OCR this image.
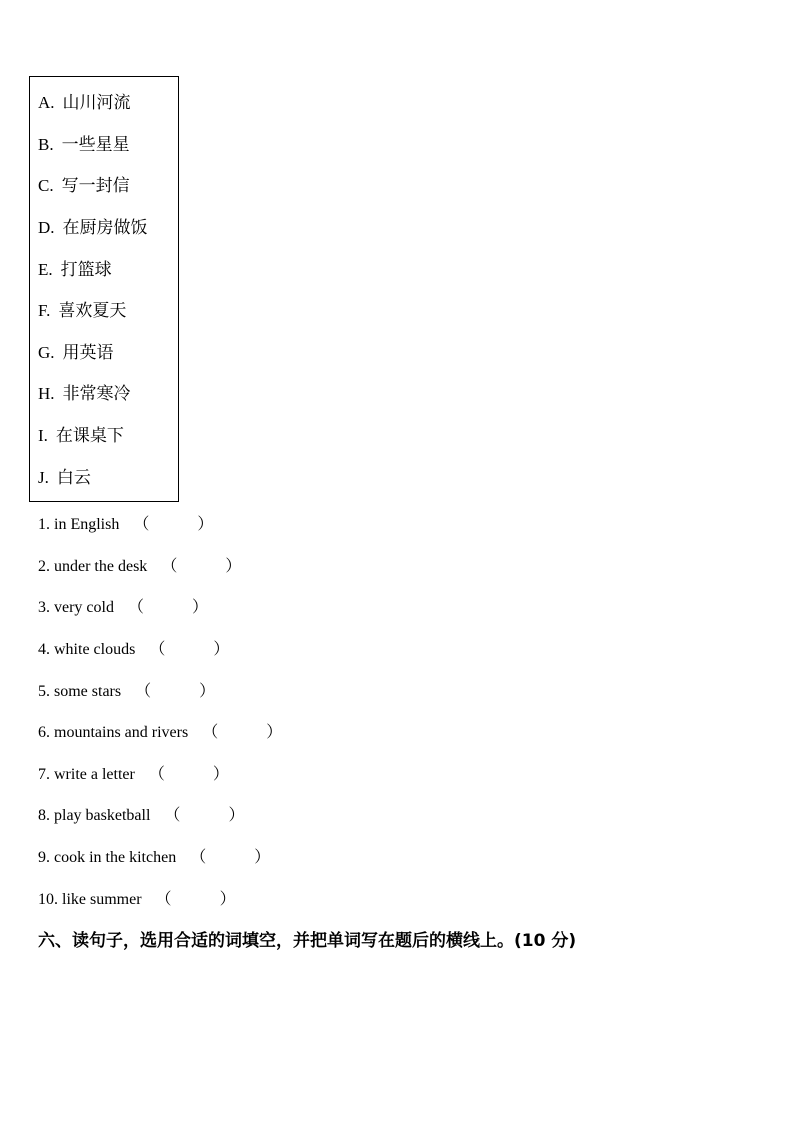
A. 山川河流
B. 一些星星
C. 写一封信
D. 在厨房做饭
E. 打篮球
F. 喜欢夏天
G. 用英语
H. 非常寒冷
I. 在课桌下
J. 白云
1. in English （	）
2. under the desk （	）
3. very cold （	）
4. white clouds （	）
5. some stars （	）
6. mountains and rivers （	）
7. write a letter （	）
8. play basketball （	）
9. cook in the kitchen （	）
10. like summer （	）
六、读句子，选用合适的词填空，并把单词写在题后的横线上。(10 分)
